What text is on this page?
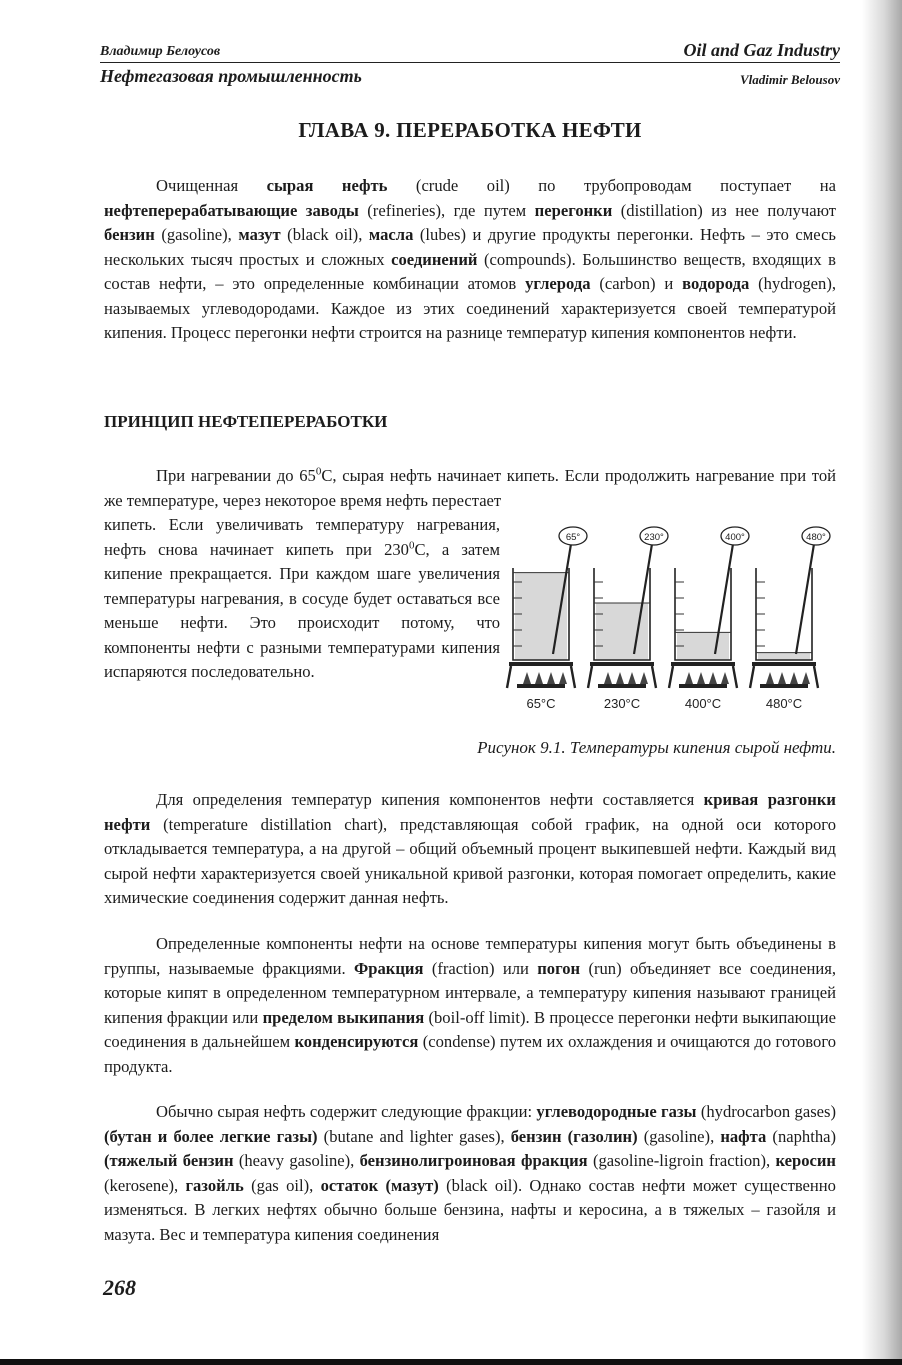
Владимир Белоусов	Oil and Gaz Industry
Нефтегазовая промышленность	Vladimir Belousov
ГЛАВА 9. ПЕРЕРАБОТКА НЕФТИ

Очищенная сырая нефть (crude oil) по трубопроводам поступает на нефтеперерабатывающие заводы (refineries), где путем перегонки (distillation) из нее получают бензин (gasoline), мазут (black oil), масла (lubes) и другие продукты перегонки. Нефть – это смесь нескольких тысяч простых и сложных соединений (compounds). Большинство веществ, входящих в состав нефти, – это определенные комбинации атомов углерода (carbon) и водорода (hydrogen), называемых углеводородами. Каждое из этих соединений характеризуется своей температурой кипения. Процесс перегонки нефти строится на разнице температур кипения компонентов нефти.

ПРИНЦИП НЕФТЕПЕРЕРАБОТКИ

При нагревании до $65^0С$, сырая нефть начинает кипеть. Если продолжить нагревание при той же температуре, через некоторое время нефть перестает

кипеть. Если увеличивать температуру нагревания, нефть снова начинает кипеть при $230^0С$, а затем кипение прекращается. При каждом шаге увеличения температуры нагревания, в сосуде будет оставаться все меньше нефти. Это происходит потому, что компоненты нефти с разными температурами кипения испаряются последовательно.

65°
65°C
230°
230°C
400°
400°C
480°
480°C
Рисунок 9.1. Температуры кипения сырой нефти.

Для определения температур кипения компонентов нефти составляется кривая разгонки нефти (temperature distillation chart), представляющая собой график, на одной оси которого откладывается температура, а на другой – общий объемный процент выкипевшей нефти. Каждый вид сырой нефти характеризуется своей уникальной кривой разгонки, которая помогает определить, какие химические соединения содержит данная нефть.

Определенные компоненты нефти на основе температуры кипения могут быть объединены в группы, называемые фракциями. Фракция (fraction) или погон (run) объединяет все соединения, которые кипят в определенном температурном интервале, а температуру кипения называют границей кипения фракции или пределом выкипания (boil-off limit). В процессе перегонки нефти выкипающие соединения в дальнейшем конденсируются (condense) путем их охлаждения и очищаются до готового продукта.

Обычно сырая нефть содержит следующие фракции: углеводородные газы (hydrocarbon gases) (бутан и более легкие газы) (butane and lighter gases), бензин (газолин) (gasoline), нафта (naphtha) (тяжелый бензин (heavy gasoline), бензинолигроиновая фракция (gasoline-ligroin fraction), керосин (kerosene), газойль (gas oil), остаток (мазут) (black oil). Однако состав нефти может существенно изменяться. В легких нефтях обычно больше бензина, нафты и керосина, а в тяжелых – газойля и мазута. Вес и температура кипения соединения

268
